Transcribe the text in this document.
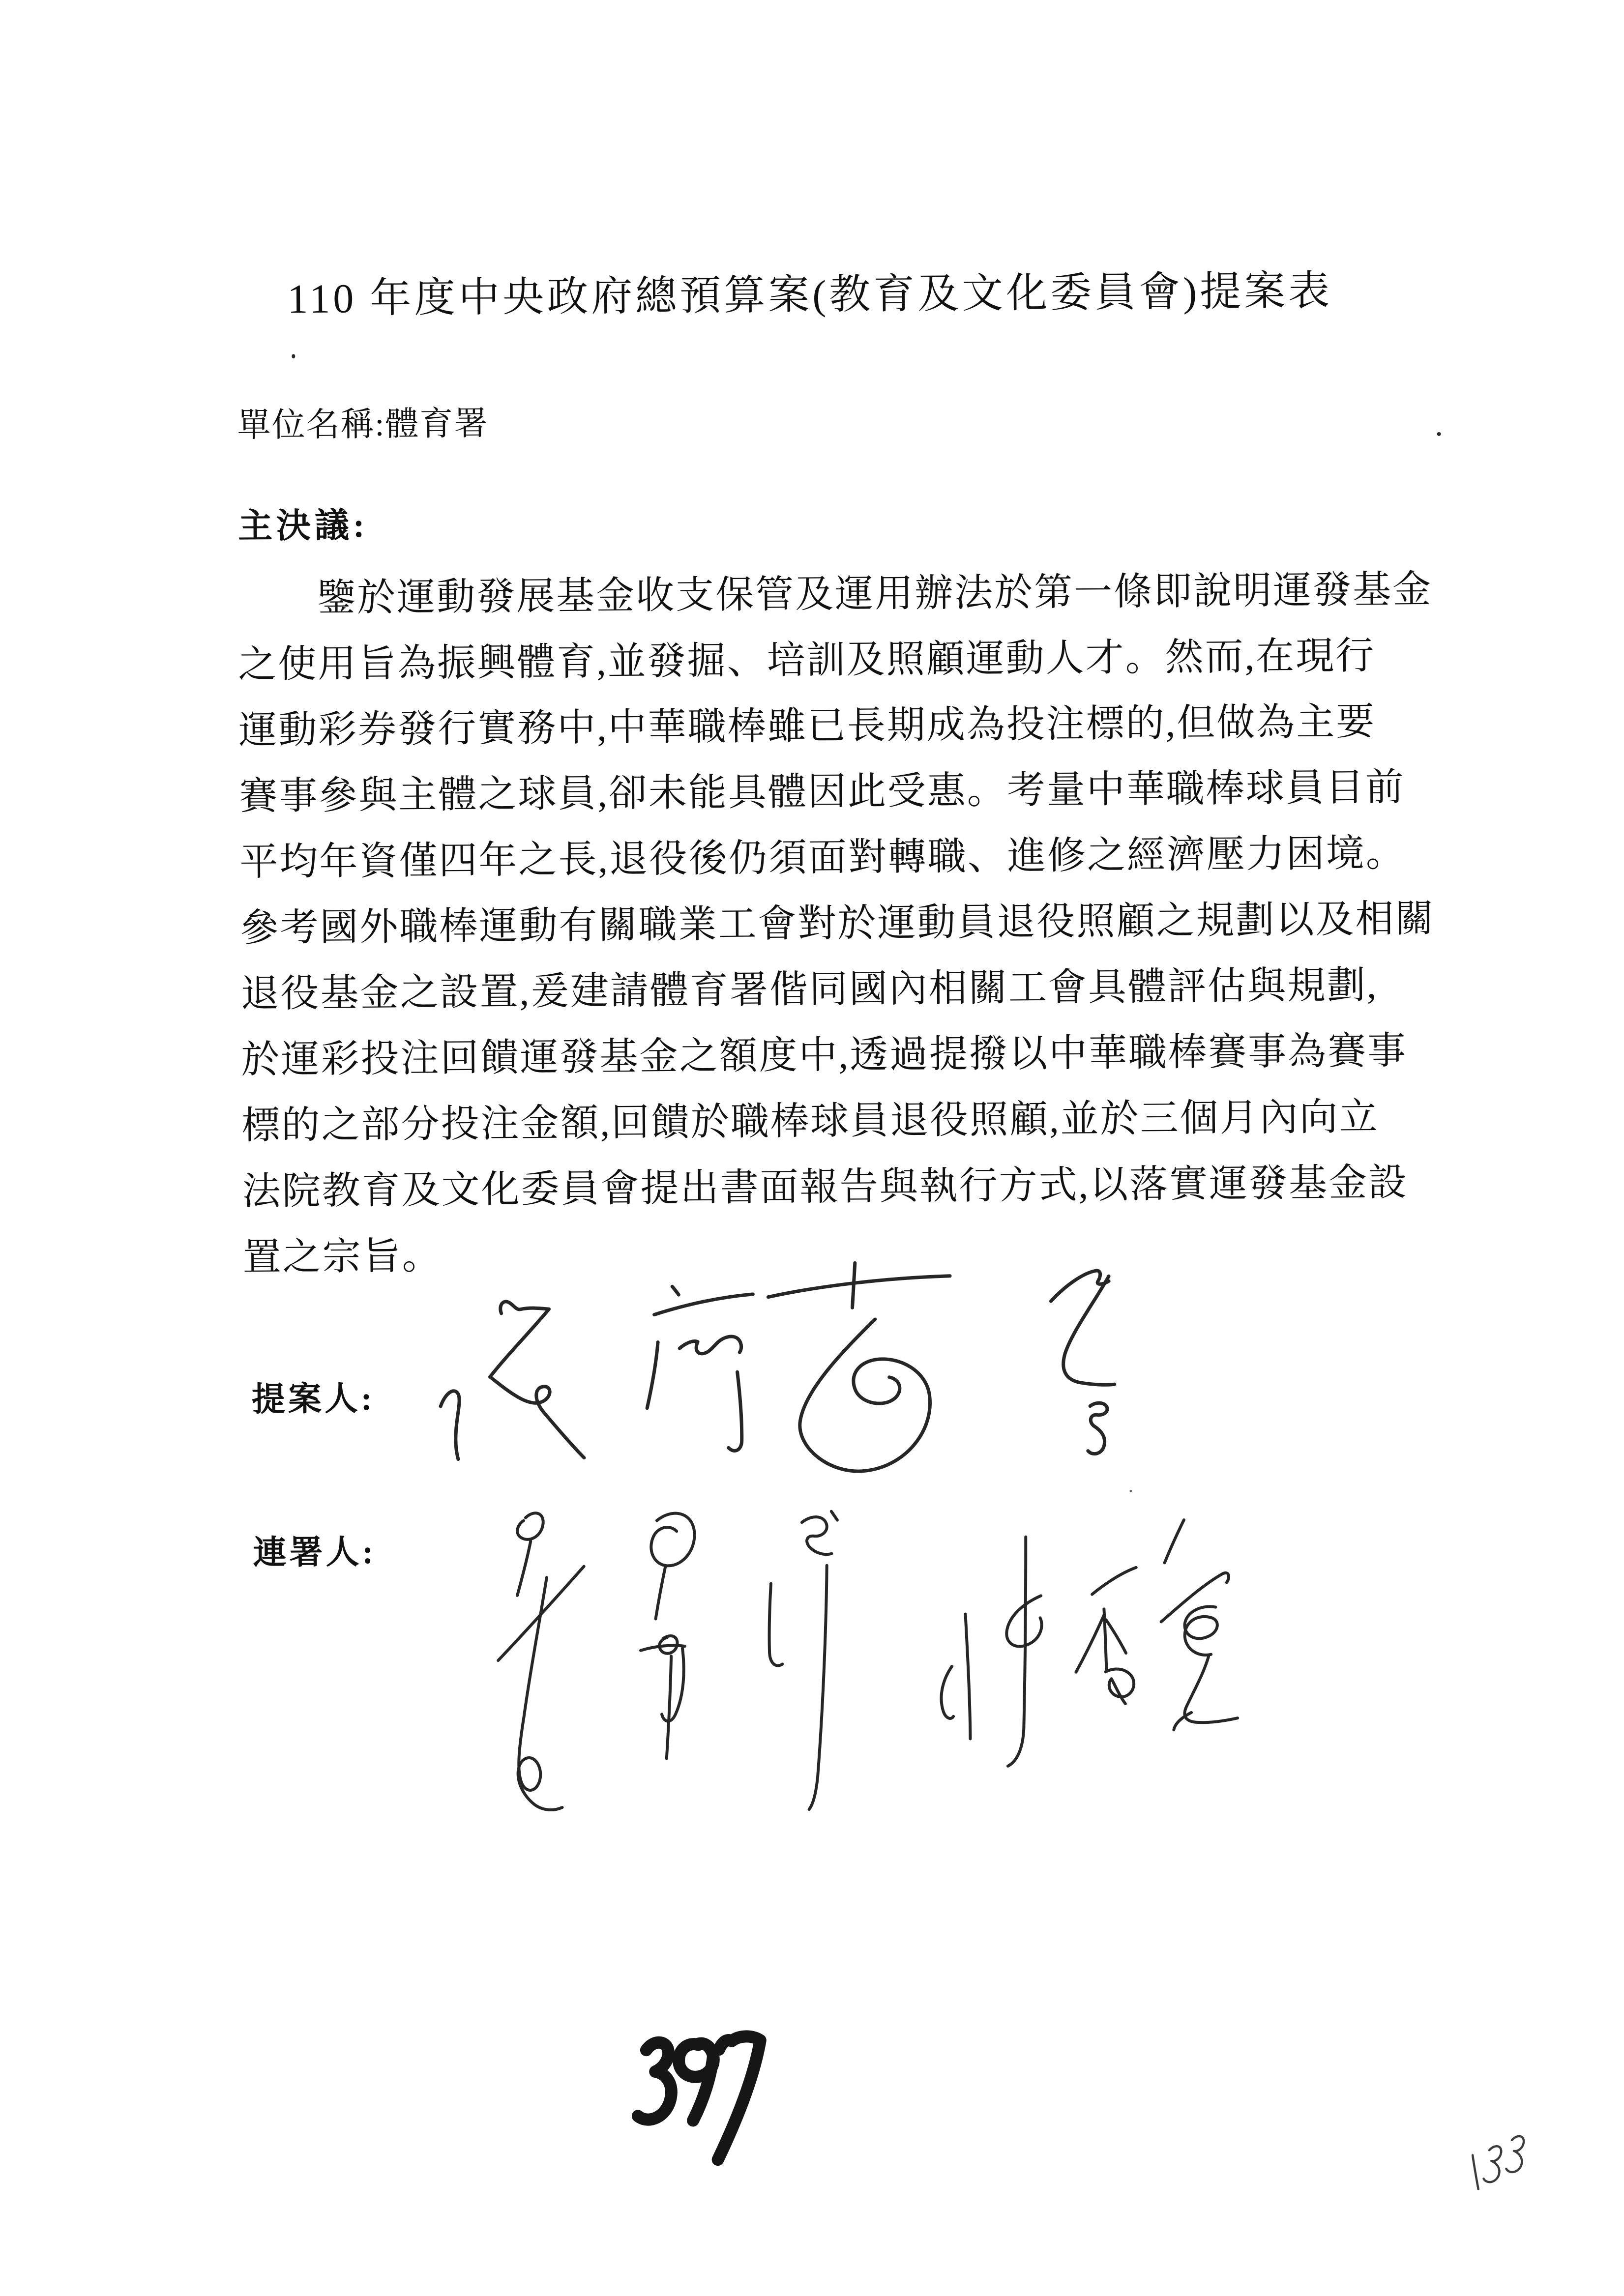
110 年度中央政府總預算案(教育及文化委員會)提案表
單位名稱:體育署
主決議:
鑒於運動發展基金收支保管及運用辦法於第一條即說明運發基金
之使用旨為振興體育,並發掘、培訓及照顧運動人才。然而,在現行
運動彩券發行實務中,中華職棒雖已長期成為投注標的,但做為主要
賽事參與主體之球員,卻未能具體因此受惠。考量中華職棒球員目前
平均年資僅四年之長,退役後仍須面對轉職、進修之經濟壓力困境。
參考國外職棒運動有關職業工會對於運動員退役照顧之規劃以及相關
退役基金之設置,爰建請體育署偕同國內相關工會具體評估與規劃,
於運彩投注回饋運發基金之額度中,透過提撥以中華職棒賽事為賽事
標的之部分投注金額,回饋於職棒球員退役照顧,並於三個月內向立
法院教育及文化委員會提出書面報告與執行方式,以落實運發基金設
置之宗旨。
提案人:
連署人:
